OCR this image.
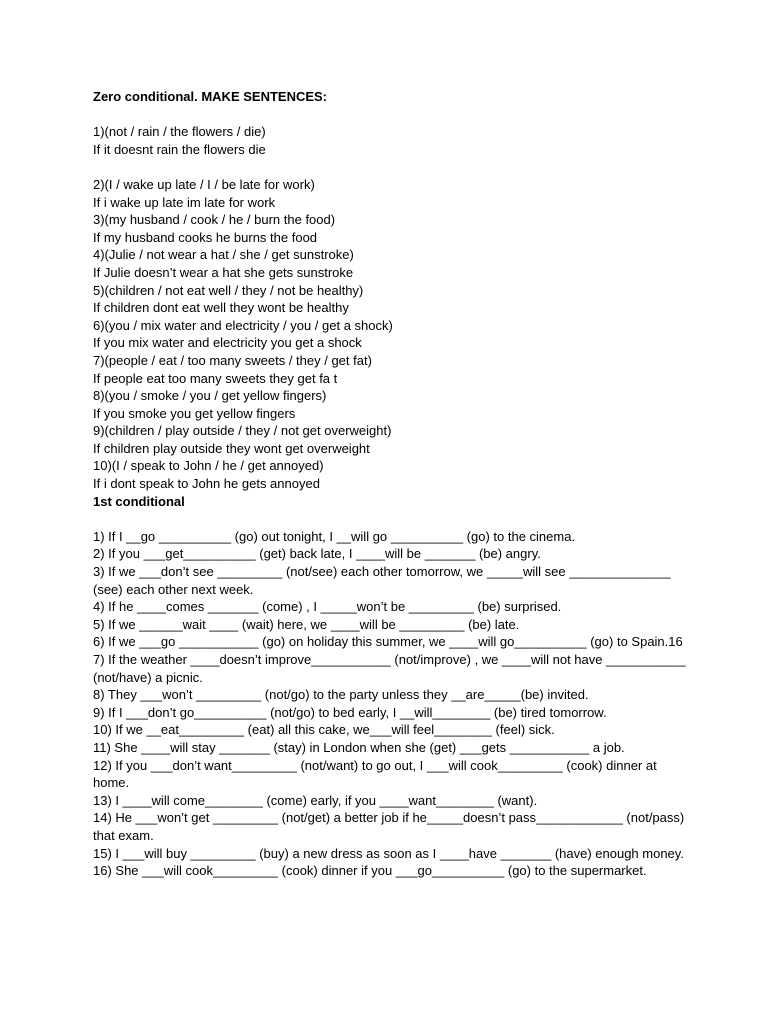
Zero conditional. MAKE SENTENCES:

1)(not / rain / the flowers / die)

If it doesnt rain the flowers die

2)(I / wake up late / I / be late for work)

If i wake up late im late for work

3)(my husband / cook / he / burn the food)

If my husband cooks he burns the food

4)(Julie / not wear a hat / she / get sunstroke)

If Julie doesn’t wear a hat she gets sunstroke

5)(children / not eat well / they / not be healthy)

If children dont eat well they wont be healthy

6)(you / mix water and electricity / you / get a shock)

If you mix water and electricity you get a shock

7)(people / eat / too many sweets / they / get fat)

If people eat too many sweets they get fa t

8)(you / smoke / you / get yellow fingers)

If you smoke you get yellow fingers

9)(children / play outside / they / not get overweight)

If children play outside they wont get overweight

10)(I / speak to John / he / get annoyed)

If i dont speak to John he gets annoyed

1st conditional

1) If I __go __________ (go) out tonight, I __will go __________ (go) to the cinema.

2) If you ___get__________ (get) back late, I ____will be _______ (be) angry.

3) If we ___don’t see _________ (not/see) each other tomorrow, we _____will see ______________ (see) each other next week.

4) If he ____comes _______ (come) , I _____won’t be _________ (be) surprised.

5) If we ______wait ____ (wait) here, we ____will be _________ (be) late.

6) If we ___go ___________ (go) on holiday this summer, we ____will go__________ (go) to Spain.16

7) If the weather ____doesn’t improve___________ (not/improve) , we ____will not have ___________ (not/have) a picnic.

8) They ___won’t _________ (not/go) to the party unless they __are_____(be) invited.

9) If I ___don’t go__________ (not/go) to bed early, I __will________ (be) tired tomorrow.

10) If we __eat_________ (eat) all this cake, we___will feel________ (feel) sick.

11) She ____will stay _______ (stay) in London when she (get) ___gets ___________ a job.

12) If you ___don’t want_________ (not/want) to go out, I ___will cook_________ (cook) dinner at home.

13) I ____will come________ (come) early, if you ____want________ (want).

14) He ___won’t get _________ (not/get) a better job if he_____doesn’t pass____________ (not/pass) that exam.

15) I ___will buy _________ (buy) a new dress as soon as I ____have _______ (have) enough money.

16) She ___will cook_________ (cook) dinner if you ___go__________ (go) to the supermarket.
